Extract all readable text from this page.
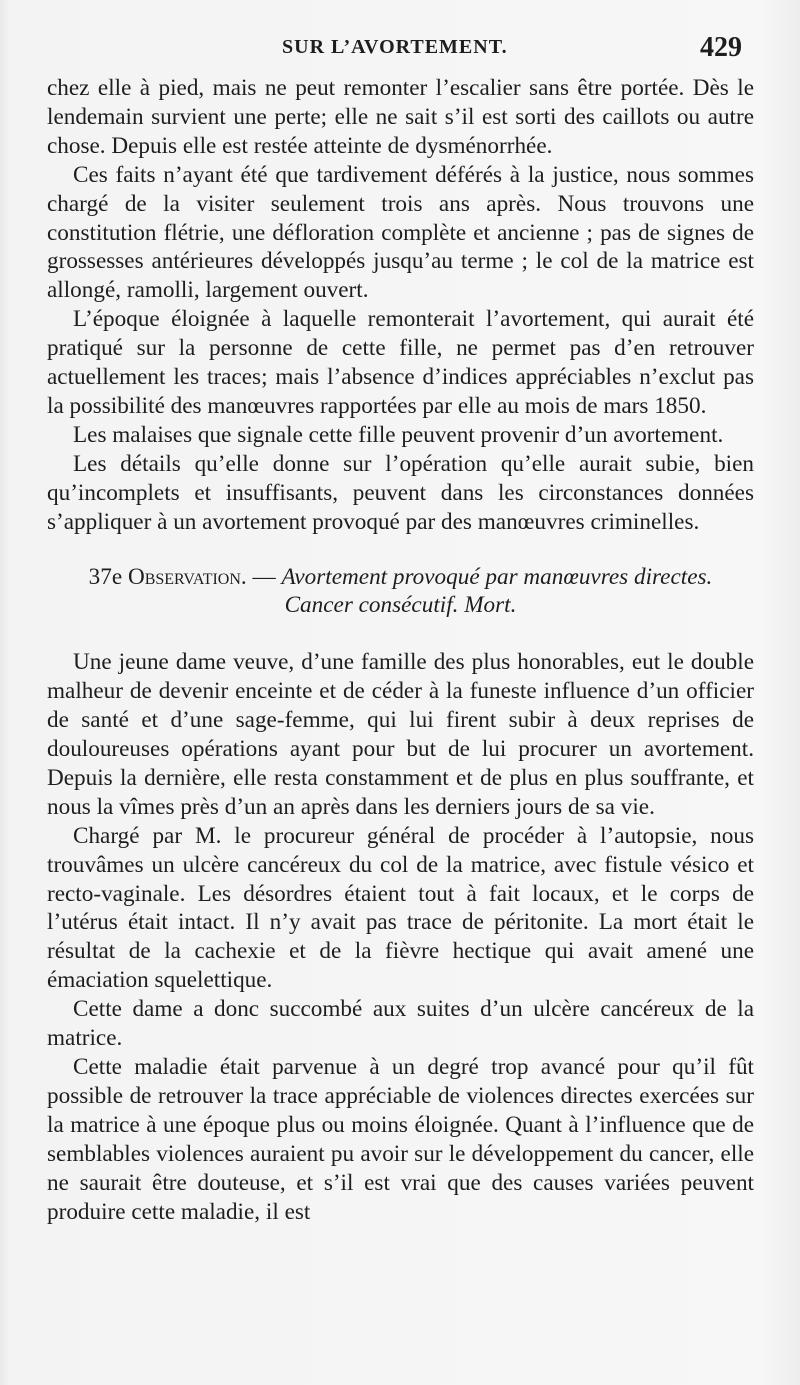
SUR L’AVORTEMENT.	429

chez elle à pied, mais ne peut remonter l’escalier sans être portée. Dès le lendemain survient une perte; elle ne sait s’il est sorti des caillots ou autre chose. Depuis elle est restée atteinte de dysménorrhée.

Ces faits n’ayant été que tardivement déférés à la justice, nous sommes chargé de la visiter seulement trois ans après. Nous trouvons une constitution flétrie, une défloration complète et ancienne ; pas de signes de grossesses antérieures développés jusqu’au terme ; le col de la matrice est allongé, ramolli, largement ouvert.

L’époque éloignée à laquelle remonterait l’avortement, qui aurait été pratiqué sur la personne de cette fille, ne permet pas d’en retrouver actuellement les traces; mais l’absence d’indices appréciables n’exclut pas la possibilité des manœuvres rapportées par elle au mois de mars 1850.

Les malaises que signale cette fille peuvent provenir d’un avortement.

Les détails qu’elle donne sur l’opération qu’elle aurait subie, bien qu’incomplets et insuffisants, peuvent dans les circonstances données s’appliquer à un avortement provoqué par des manœuvres criminelles.

37e Observation. — Avortement provoqué par manœuvres directes.
Cancer consécutif. Mort.

Une jeune dame veuve, d’une famille des plus honorables, eut le double malheur de devenir enceinte et de céder à la funeste influence d’un officier de santé et d’une sage-femme, qui lui firent subir à deux reprises de douloureuses opérations ayant pour but de lui procurer un avortement. Depuis la dernière, elle resta constamment et de plus en plus souffrante, et nous la vîmes près d’un an après dans les derniers jours de sa vie.

Chargé par M. le procureur général de procéder à l’autopsie, nous trouvâmes un ulcère cancéreux du col de la matrice, avec fistule vésico et recto-vaginale. Les désordres étaient tout à fait locaux, et le corps de l’utérus était intact. Il n’y avait pas trace de péritonite. La mort était le résultat de la cachexie et de la fièvre hectique qui avait amené une émaciation squelettique.

Cette dame a donc succombé aux suites d’un ulcère cancéreux de la matrice.

Cette maladie était parvenue à un degré trop avancé pour qu’il fût possible de retrouver la trace appréciable de violences directes exercées sur la matrice à une époque plus ou moins éloignée. Quant à l’influence que de semblables violences auraient pu avoir sur le développement du cancer, elle ne saurait être douteuse, et s’il est vrai que des causes variées peuvent produire cette maladie, il est
